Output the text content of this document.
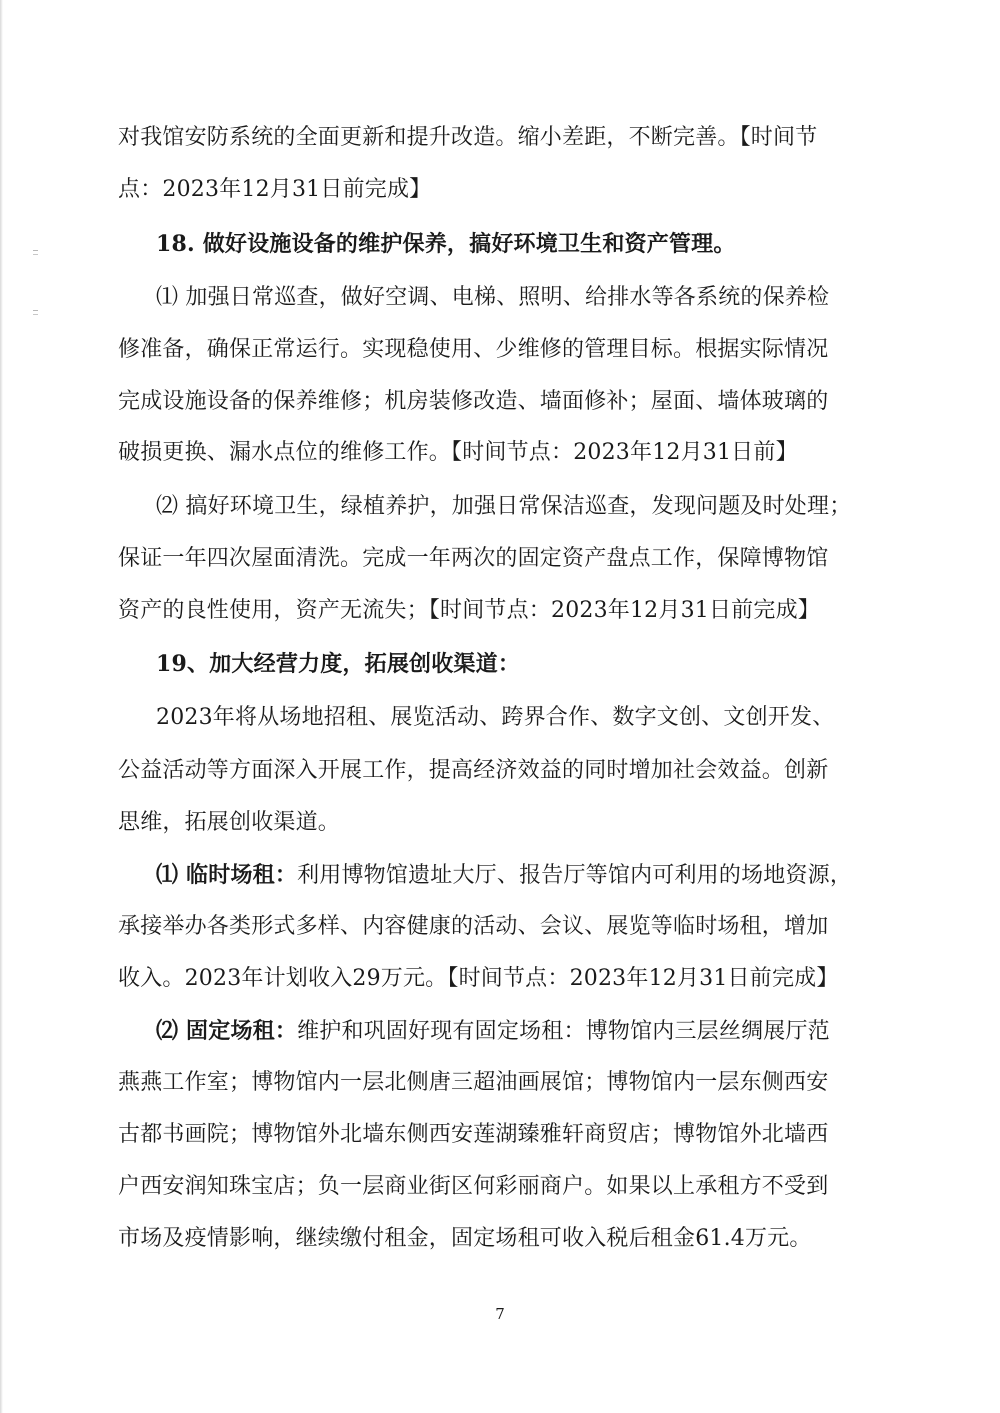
对我馆安防系统的全面更新和提升改造。缩小差距，不断完善。【时间节
点：2023年12月31日前完成】
18. 做好设施设备的维护保养，搞好环境卫生和资产管理。
⑴ 加强日常巡查，做好空调、电梯、照明、给排水等各系统的保养检
修准备，确保正常运行。实现稳使用、少维修的管理目标。根据实际情况
完成设施设备的保养维修；机房装修改造、墙面修补；屋面、墙体玻璃的
破损更换、漏水点位的维修工作。【时间节点：2023年12月31日前】
⑵ 搞好环境卫生，绿植养护，加强日常保洁巡查，发现问题及时处理；
保证一年四次屋面清洗。完成一年两次的固定资产盘点工作，保障博物馆
资产的良性使用，资产无流失；【时间节点：2023年12月31日前完成】
19、加大经营力度，拓展创收渠道：
2023年将从场地招租、展览活动、跨界合作、数字文创、文创开发、
公益活动等方面深入开展工作，提高经济效益的同时增加社会效益。创新
思维，拓展创收渠道。
⑴ 临时场租：利用博物馆遗址大厅、报告厅等馆内可利用的场地资源，
承接举办各类形式多样、内容健康的活动、会议、展览等临时场租，增加
收入。2023年计划收入29万元。【时间节点：2023年12月31日前完成】
⑵ 固定场租：维护和巩固好现有固定场租：博物馆内三层丝绸展厅范
燕燕工作室；博物馆内一层北侧唐三超油画展馆；博物馆内一层东侧西安
古都书画院；博物馆外北墙东侧西安莲湖臻雅轩商贸店；博物馆外北墙西
户西安润知珠宝店；负一层商业街区何彩丽商户。如果以上承租方不受到
市场及疫情影响，继续缴付租金，固定场租可收入税后租金61.4万元。
7
